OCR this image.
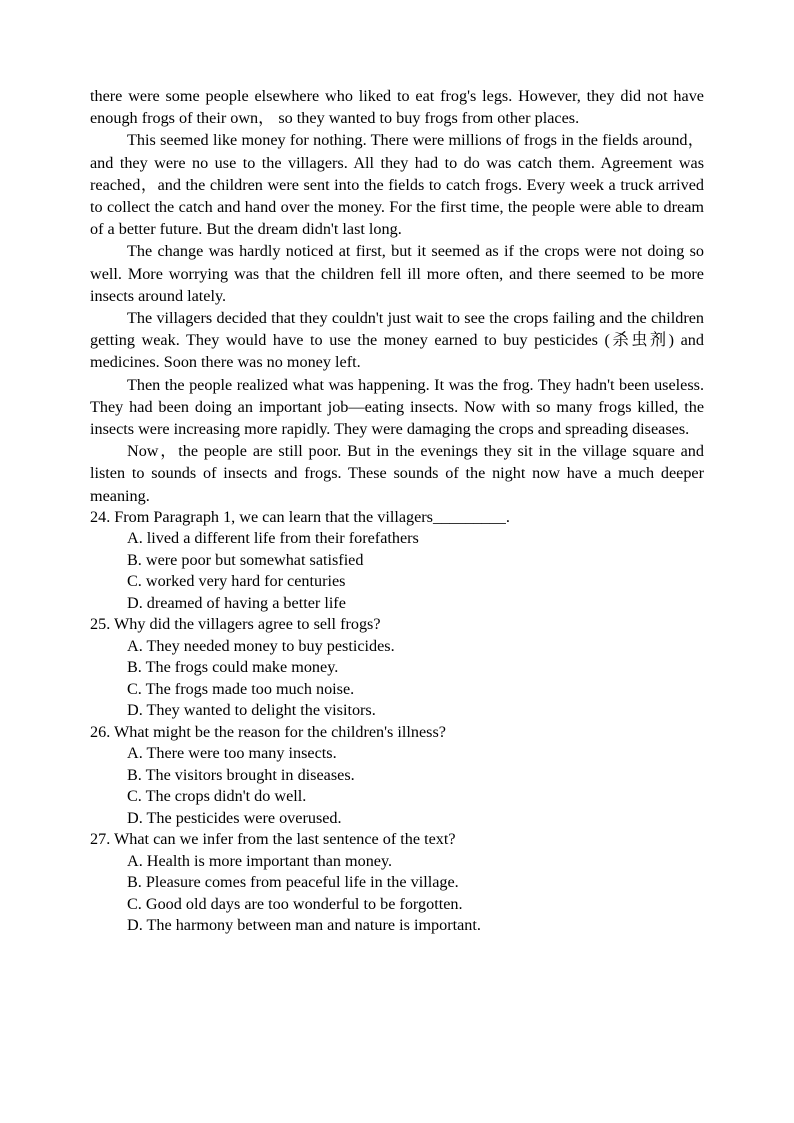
there were some people elsewhere who liked to eat frog's legs. However, they did not have enough frogs of their own， so they wanted to buy frogs from other places.

This seemed like money for nothing. There were millions of frogs in the fields around，and they were no use to the villagers. All they had to do was catch them. Agreement was reached，and the children were sent into the fields to catch frogs. Every week a truck arrived to collect the catch and hand over the money. For the first time, the people were able to dream of a better future. But the dream didn't last long.

The change was hardly noticed at first, but it seemed as if the crops were not doing so well. More worrying was that the children fell ill more often, and there seemed to be more insects around lately.

The villagers decided that they couldn't just wait to see the crops failing and the children getting weak. They would have to use the money earned to buy pesticides (杀虫剂) and medicines. Soon there was no money left.

Then the people realized what was happening. It was the frog. They hadn't been useless. They had been doing an important job—eating insects. Now with so many frogs killed, the insects were increasing more rapidly. They were damaging the crops and spreading diseases.

Now，the people are still poor. But in the evenings they sit in the village square and listen to sounds of insects and frogs. These sounds of the night now have a much deeper meaning.

24. From Paragraph 1, we can learn that the villagers_________.

A. lived a different life from their forefathers

B. were poor but somewhat satisfied

C. worked very hard for centuries

D. dreamed of having a better life

25. Why did the villagers agree to sell frogs?

A. They needed money to buy pesticides.

B. The frogs could make money.

C. The frogs made too much noise.

D. They wanted to delight the visitors.

26. What might be the reason for the children's illness?

A. There were too many insects.

B. The visitors brought in diseases.

C. The crops didn't do well.

D. The pesticides were overused.

27. What can we infer from the last sentence of the text?

A. Health is more important than money.

B. Pleasure comes from peaceful life in the village.

C. Good old days are too wonderful to be forgotten.

D. The harmony between man and nature is important.
